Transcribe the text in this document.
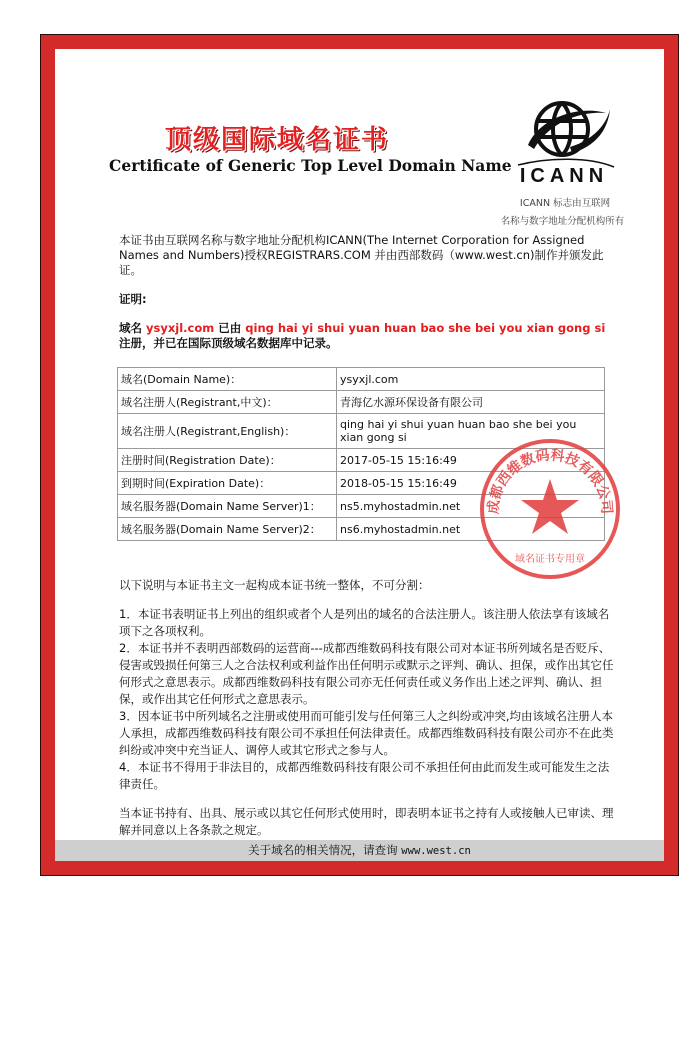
顶级国际域名证书
Certificate of Generic Top Level Domain Name ICANN
ICANN 标志由互联网
名称与数字地址分配机构所有
本证书由互联网名称与数字地址分配机构ICANN(The Internet Corporation for Assigned Names and Numbers)授权REGISTRARS.COM 并由西部数码（www.west.cn)制作并颁发此证。
证明:
域名 ysyxjl.com 已由 qing hai yi shui yuan huan bao she bei you xian gong si 注册，并已在国际顶级域名数据库中记录。
域名(Domain Name)：	ysyxjl.com
域名注册人(Registrant,中文)：	青海亿水源环保设备有限公司
域名注册人(Registrant,English)：	qing hai yi shui yuan huan bao she bei you xian gong si
注册时间(Registration Date)：	2017-05-15 15:16:49
到期时间(Expiration Date)：	2018-05-15 15:16:49
域名服务器(Domain Name Server)1：	ns5.myhostadmin.net
域名服务器(Domain Name Server)2：	ns6.myhostadmin.net
成都西维数码科技有限公司
域名证书专用章

以下说明与本证书主文一起构成本证书统一整体，不可分割：

1．本证书表明证书上列出的组织或者个人是列出的域名的合法注册人。该注册人依法享有该域名项下之各项权利。

2．本证书并不表明西部数码的运营商---成都西维数码科技有限公司对本证书所列域名是否贬斥、侵害或毁损任何第三人之合法权利或利益作出任何明示或默示之评判、确认、担保，或作出其它任何形式之意思表示。成都西维数码科技有限公司亦无任何责任或义务作出上述之评判、确认、担保，或作出其它任何形式之意思表示。

3．因本证书中所列域名之注册或使用而可能引发与任何第三人之纠纷或冲突,均由该域名注册人本人承担，成都西维数码科技有限公司不承担任何法律责任。成都西维数码科技有限公司亦不在此类纠纷或冲突中充当证人、调停人或其它形式之参与人。

4．本证书不得用于非法目的，成都西维数码科技有限公司不承担任何由此而发生或可能发生之法律责任。

当本证书持有、出具、展示或以其它任何形式使用时，即表明本证书之持有人或接触人已审读、理解并同意以上各条款之规定。

关于域名的相关情况，请查询 www.west.cn
